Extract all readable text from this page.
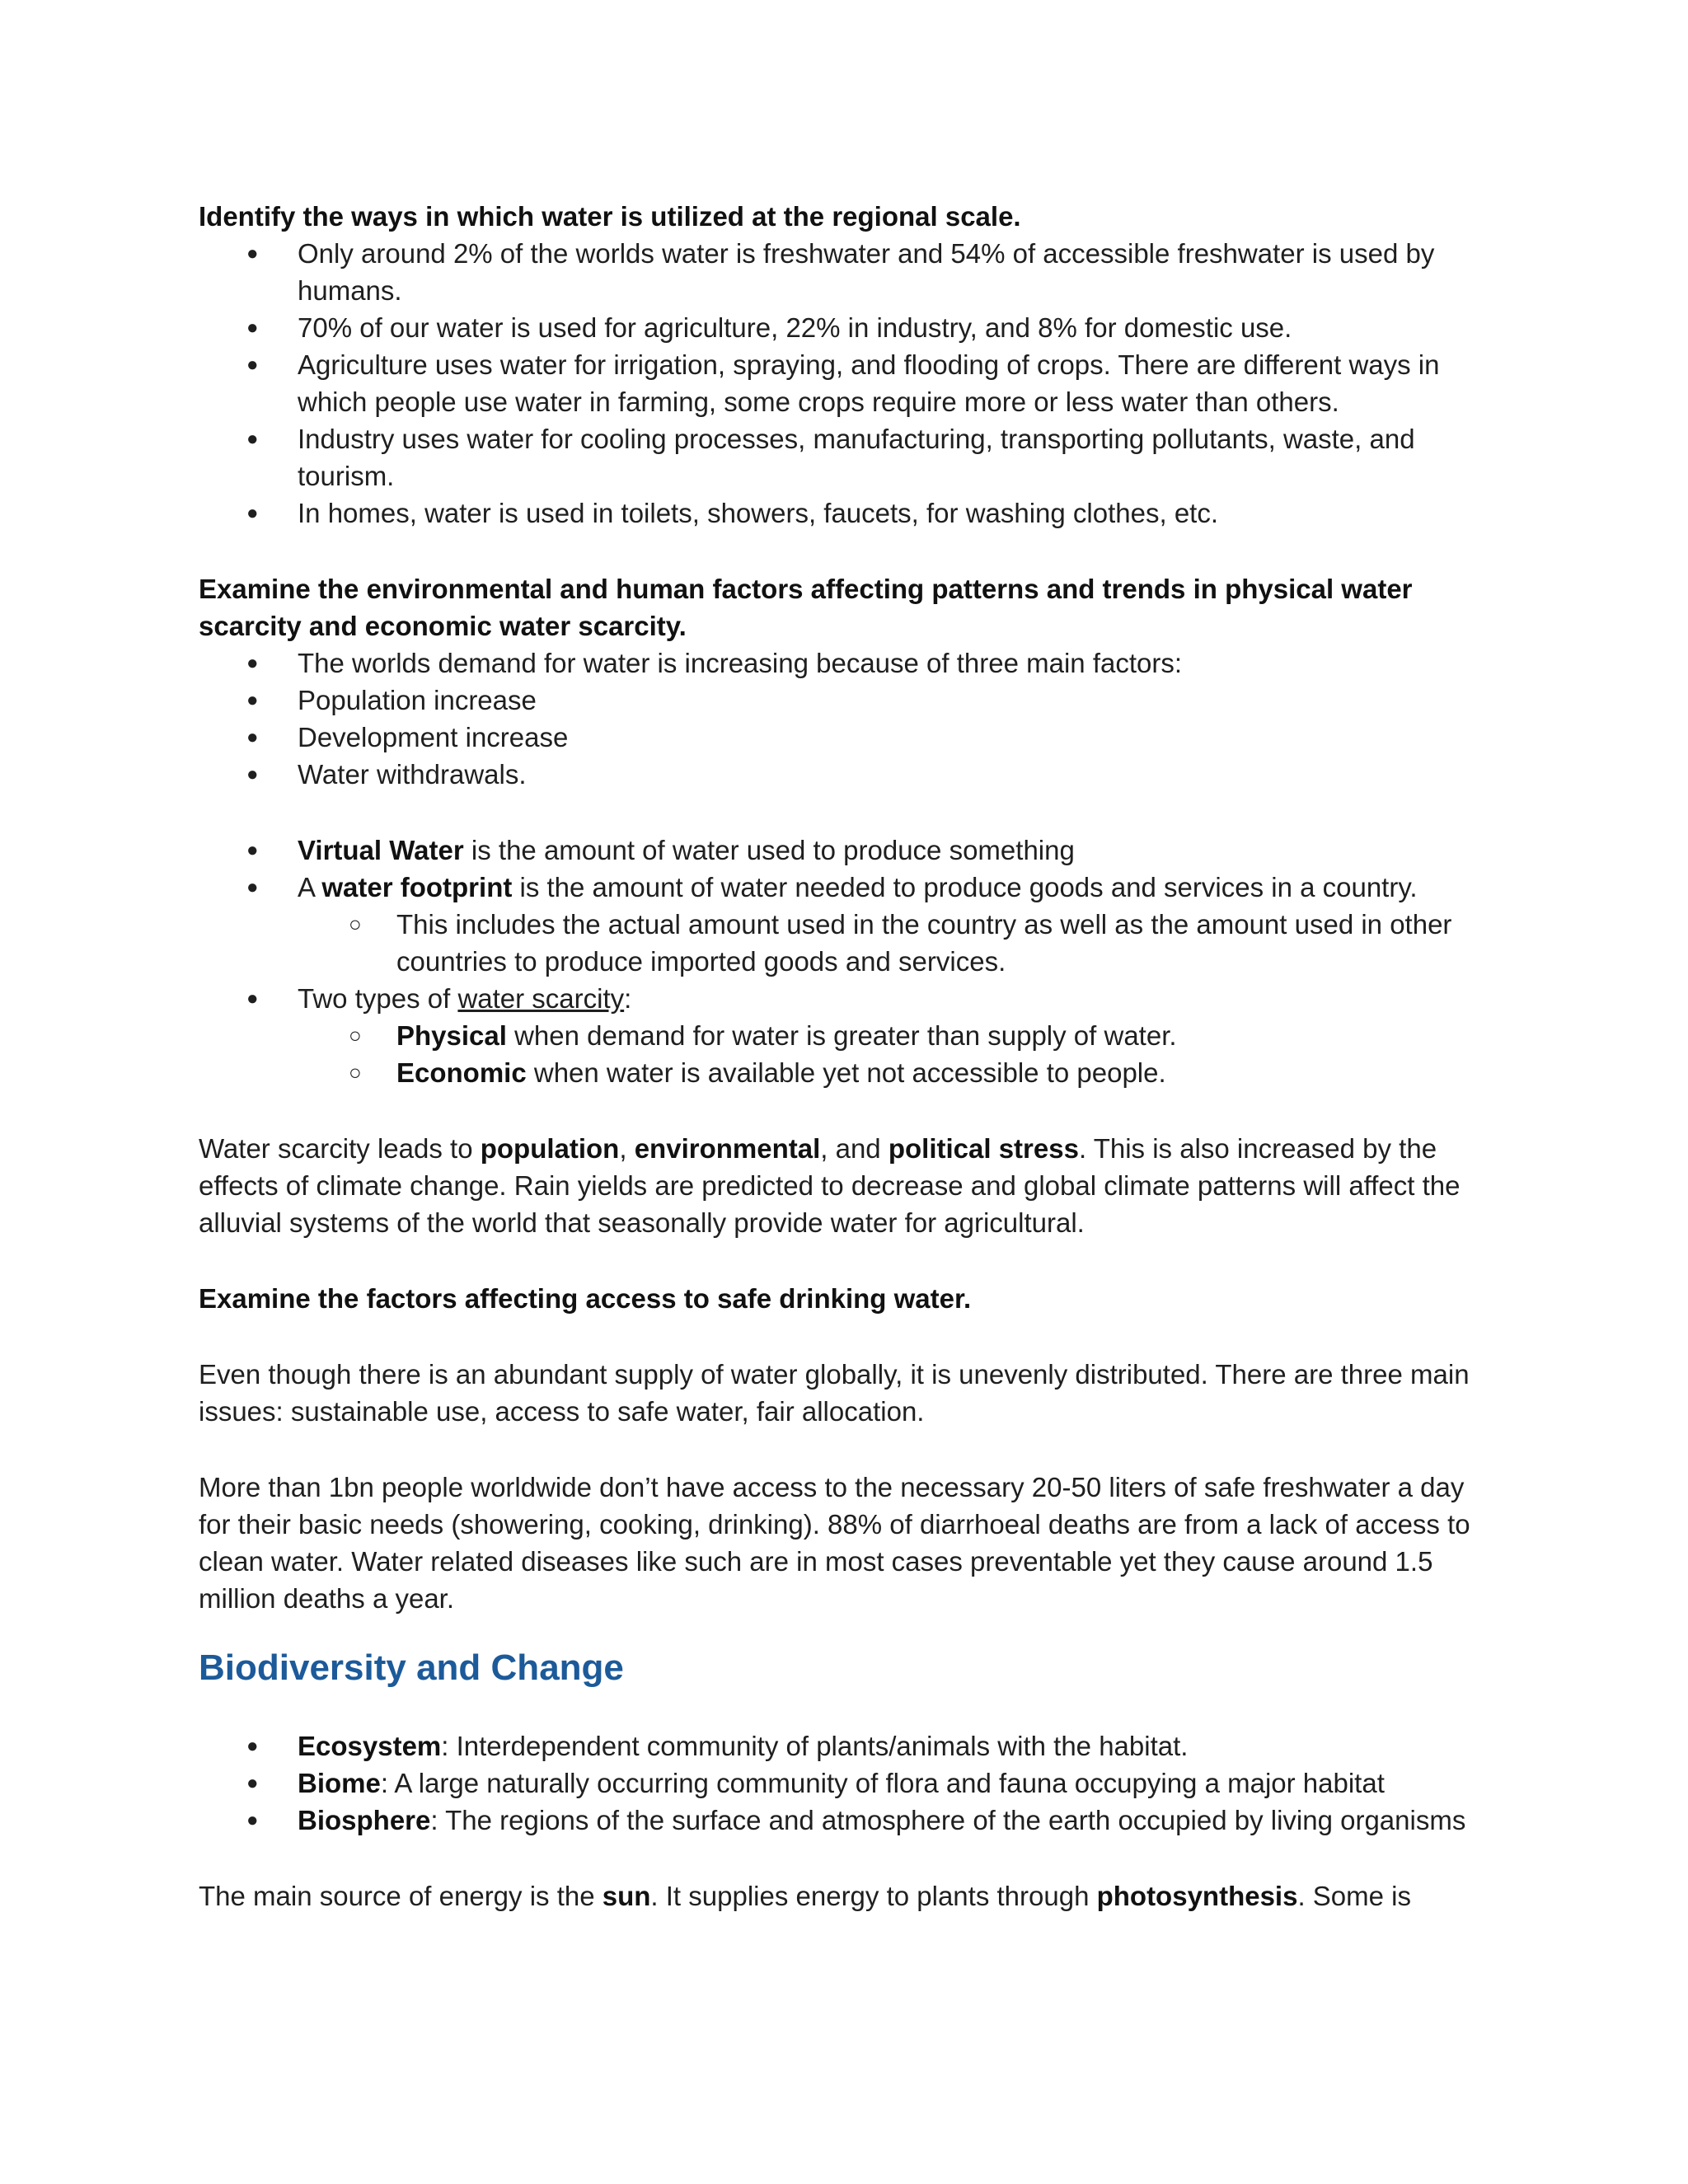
Identify the ways in which water is utilized at the regional scale.

● Only around 2% of the worlds water is freshwater and 54% of accessible freshwater is used by humans.
● 70% of our water is used for agriculture, 22% in industry, and 8% for domestic use.
● Agriculture uses water for irrigation, spraying, and flooding of crops. There are different ways in which people use water in farming, some crops require more or less water than others.
● Industry uses water for cooling processes, manufacturing, transporting pollutants, waste, and tourism.
● In homes, water is used in toilets, showers, faucets, for washing clothes, etc.

Examine the environmental and human factors affecting patterns and trends in physical water scarcity and economic water scarcity.

● The worlds demand for water is increasing because of three main factors:
● Population increase
● Development increase
● Water withdrawals.
● Virtual Water is the amount of water used to produce something
● A water footprint is the amount of water needed to produce goods and services in a country.
○ This includes the actual amount used in the country as well as the amount used in other countries to produce imported goods and services.
● Two types of water scarcity:
○ Physical when demand for water is greater than supply of water.
○ Economic when water is available yet not accessible to people.

Water scarcity leads to population, environmental, and political stress. This is also increased by the effects of climate change. Rain yields are predicted to decrease and global climate patterns will affect the alluvial systems of the world that seasonally provide water for agricultural.

Examine the factors affecting access to safe drinking water.

Even though there is an abundant supply of water globally, it is unevenly distributed. There are three main issues: sustainable use, access to safe water, fair allocation.

More than 1bn people worldwide don’t have access to the necessary 20-50 liters of safe freshwater a day for their basic needs (showering, cooking, drinking). 88% of diarrhoeal deaths are from a lack of access to clean water. Water related diseases like such are in most cases preventable yet they cause around 1.5 million deaths a year.

Biodiversity and Change
● Ecosystem: Interdependent community of plants/animals with the habitat.
● Biome: A large naturally occurring community of flora and fauna occupying a major habitat
● Biosphere: The regions of the surface and atmosphere of the earth occupied by living organisms

The main source of energy is the sun. It supplies energy to plants through photosynthesis. Some is
